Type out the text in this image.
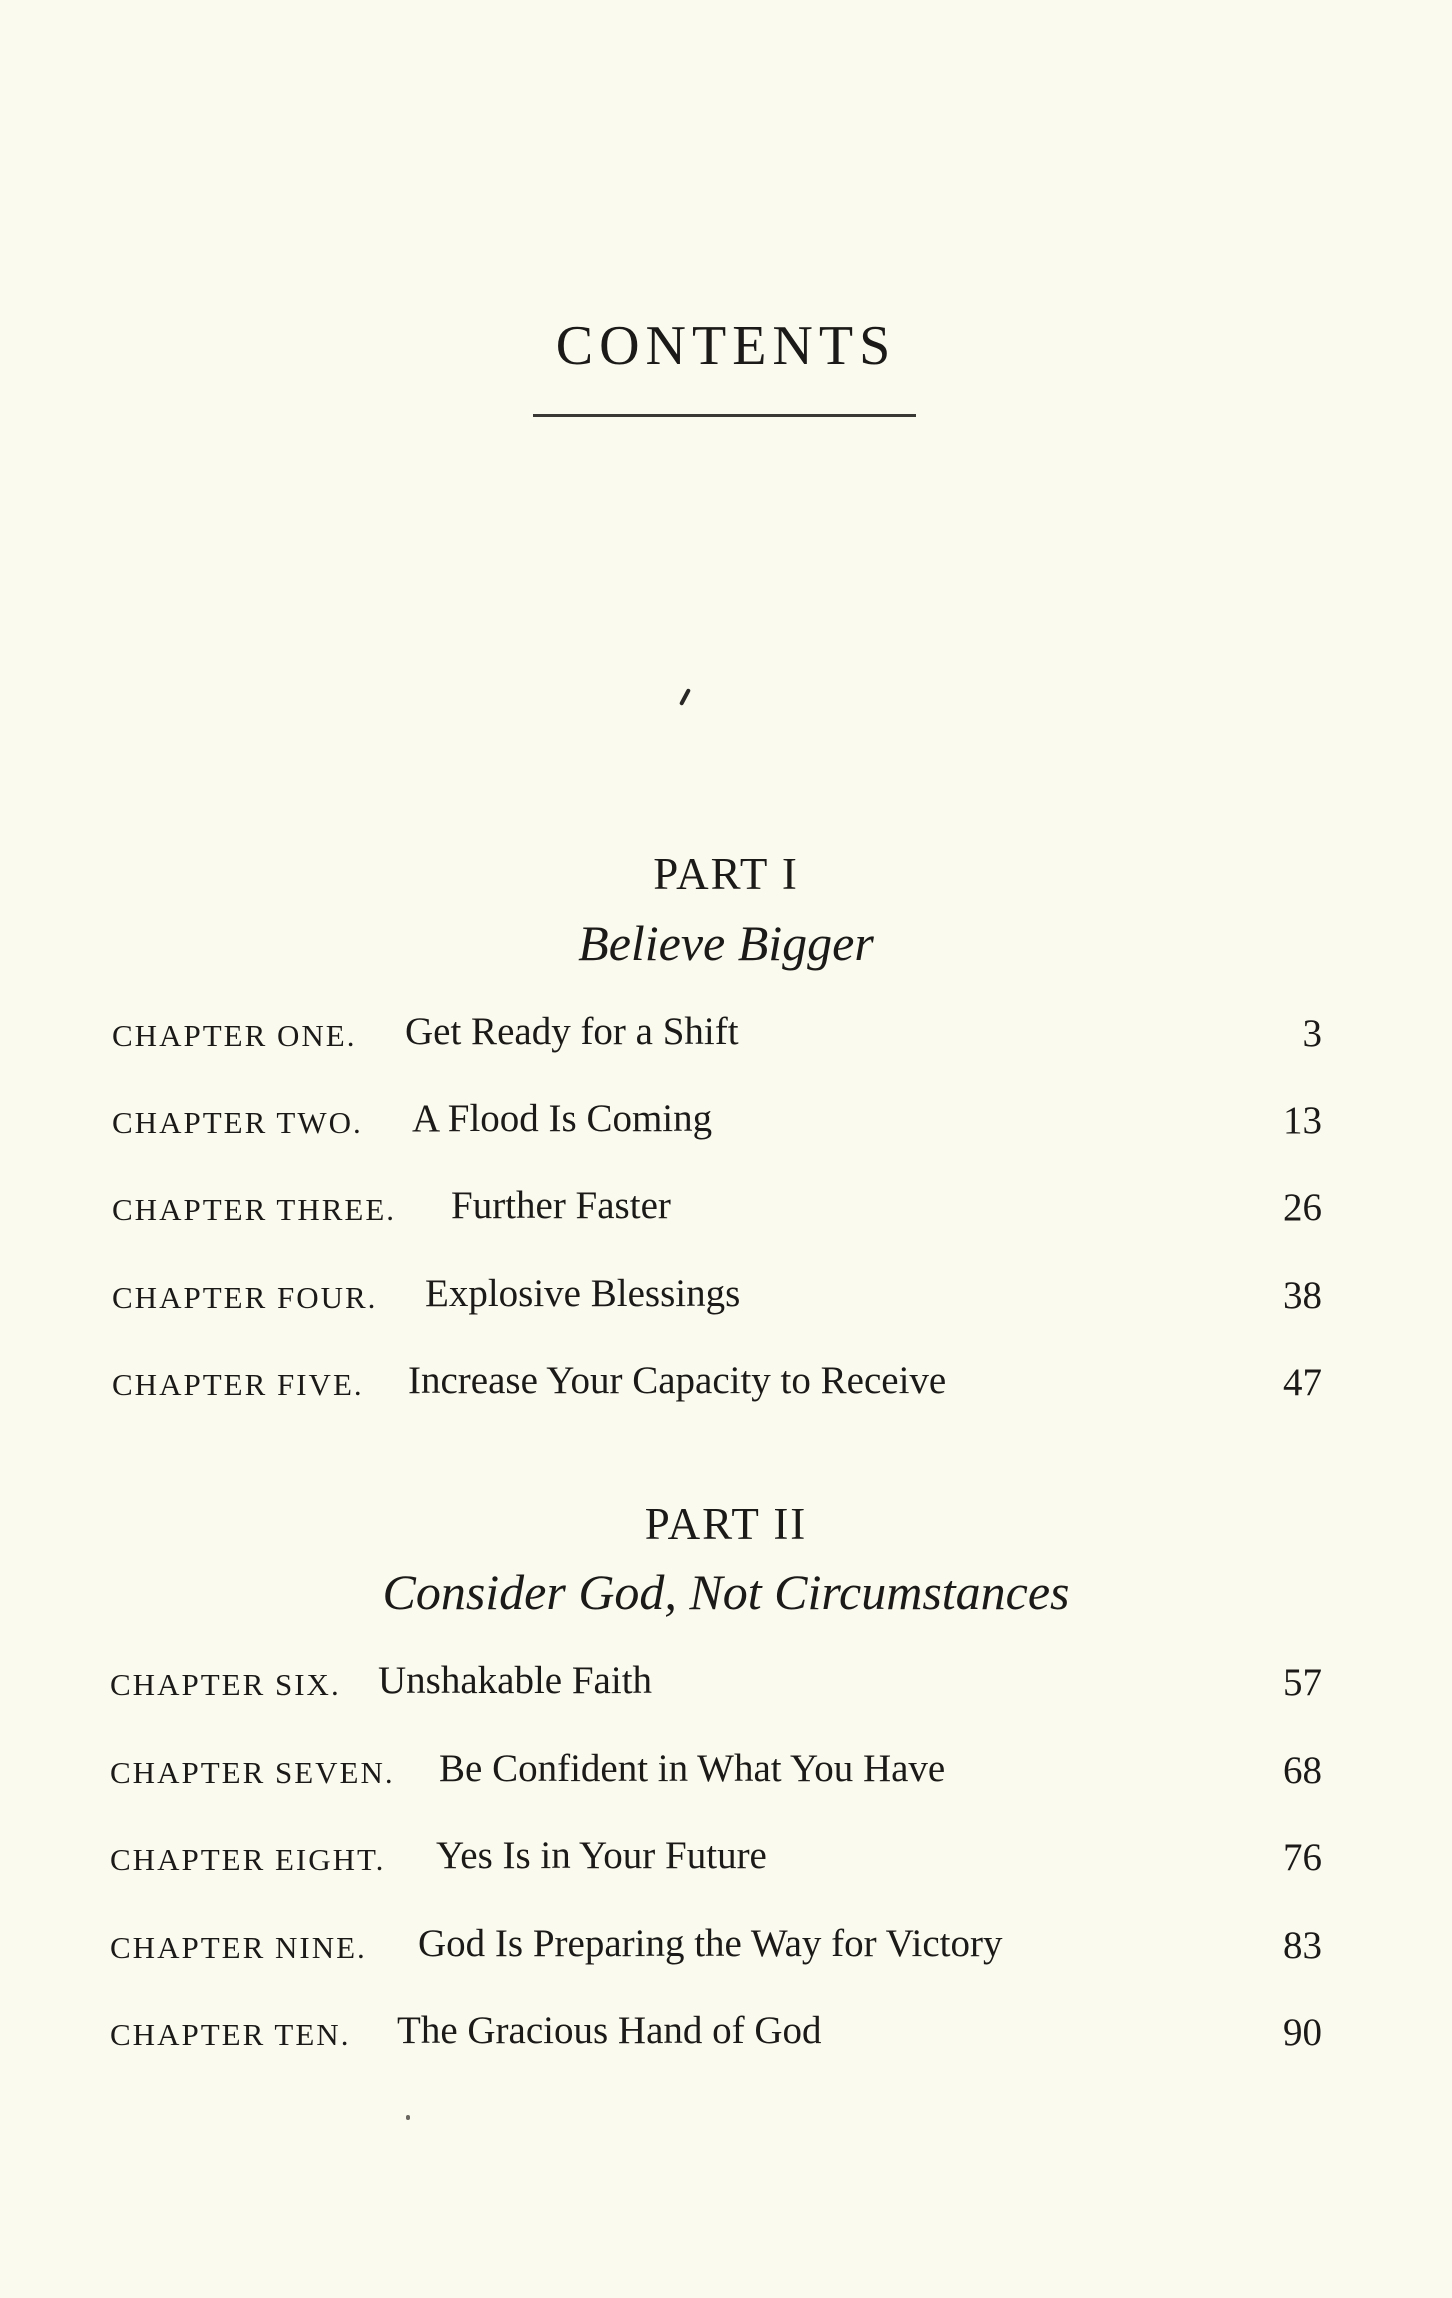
CONTENTS
PART I
Believe Bigger
CHAPTER ONE. Get Ready for a Shift	3
CHAPTER TWO. A Flood Is Coming	13
CHAPTER THREE. Further Faster	26
CHAPTER FOUR. Explosive Blessings	38
CHAPTER FIVE. Increase Your Capacity to Receive	47
PART II
Consider God, Not Circumstances
CHAPTER SIX. Unshakable Faith	57
CHAPTER SEVEN. Be Confident in What You Have	68
CHAPTER EIGHT. Yes Is in Your Future	76
CHAPTER NINE. God Is Preparing the Way for Victory	83
CHAPTER TEN. The Gracious Hand of God	90
